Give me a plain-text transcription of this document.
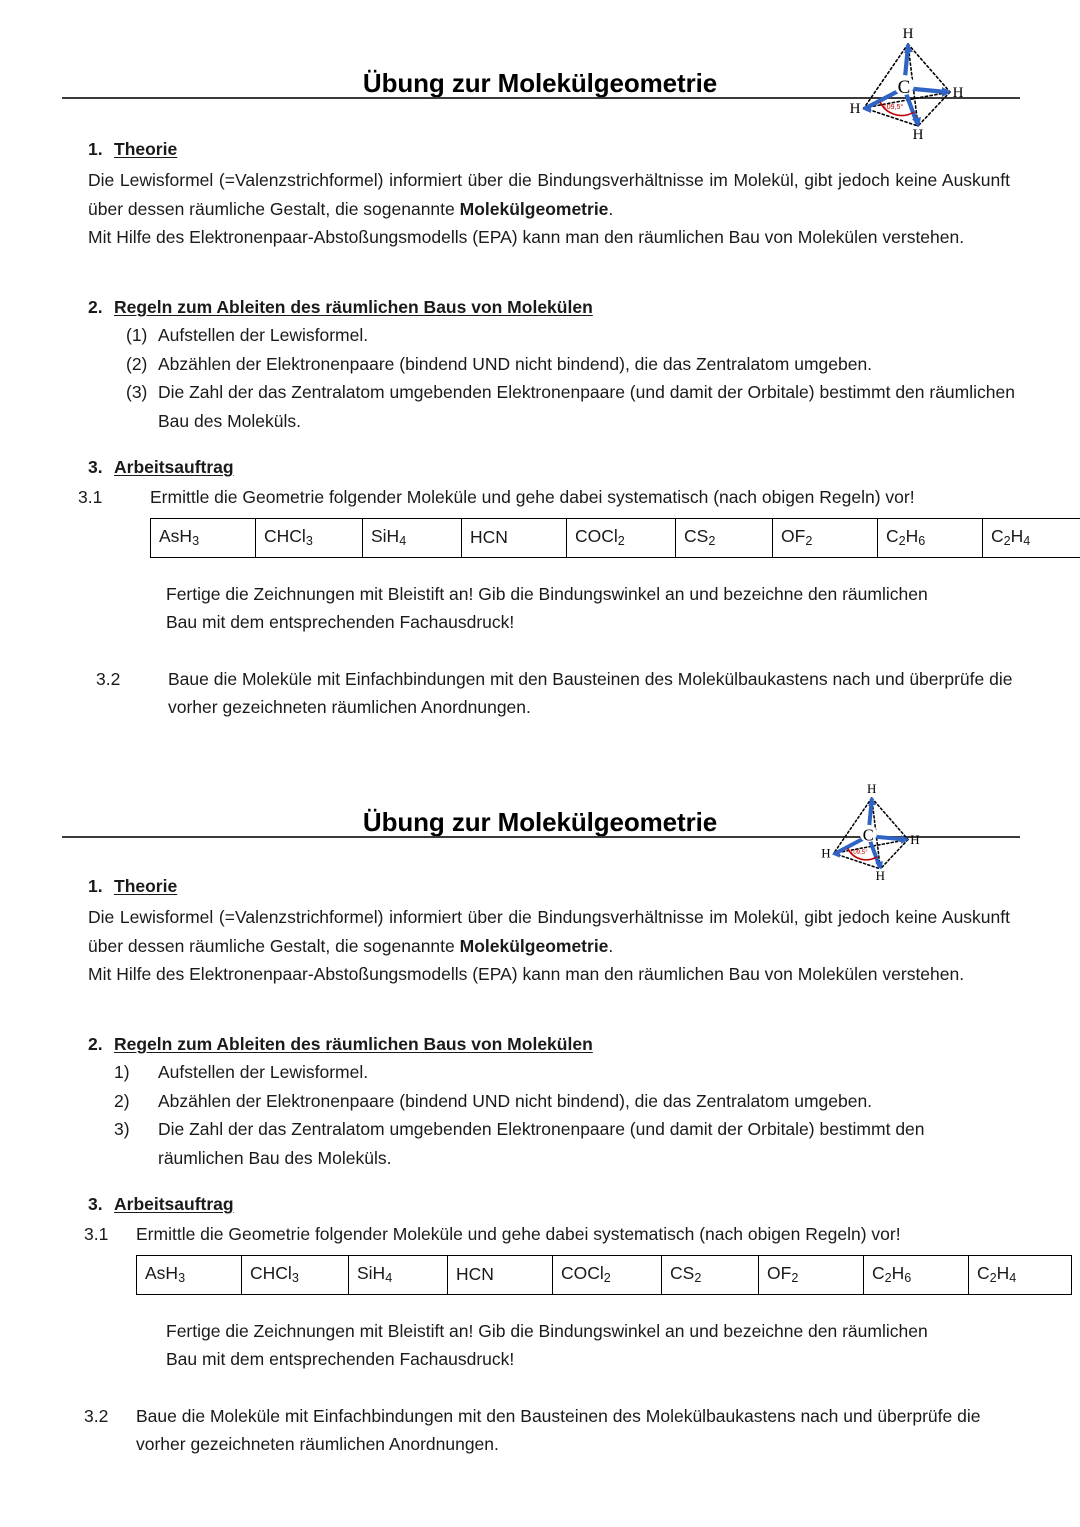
Übung zur Molekülgeometrie	C
109,5°
H
H
H
H
1. Theorie
Die Lewisformel (=Valenzstrichformel) informiert über die Bindungsverhältnisse im Molekül, gibt jedoch keine Auskunft über dessen räumliche Gestalt, die sogenannte Molekülgeometrie.
Mit Hilfe des Elektronenpaar-Abstoßungsmodells (EPA) kann man den räumlichen Bau von Molekülen verstehen.
2. Regeln zum Ableiten des räumlichen Baus von Molekülen
(1) Aufstellen der Lewisformel.
(2) Abzählen der Elektronenpaare (bindend UND nicht bindend), die das Zentralatom umgeben.
(3) Die Zahl der das Zentralatom umgebenden Elektronenpaare (und damit der Orbitale) bestimmt den räumlichen Bau des Moleküls.
3. Arbeitsauftrag
3.1	Ermittle die Geometrie folgender Moleküle und gehe dabei systematisch (nach obigen Regeln) vor!
AsH$_3$	CHCl$_3$	SiH$_4$	HCN	COCl$_2$	$CS_2$	$OF_2$	$C_2H_6$	$C_2H_4$
Fertige die Zeichnungen mit Bleistift an! Gib die Bindungswinkel an und bezeichne den räumlichen Bau mit dem entsprechenden Fachausdruck!
3.2	Baue die Moleküle mit Einfachbindungen mit den Bausteinen des Molekülbaukastens nach und überprüfe die vorher gezeichneten räumlichen Anordnungen.
Übung zur Molekülgeometrie	C
109,5°
H
H
H
H
1. Theorie
Die Lewisformel (=Valenzstrichformel) informiert über die Bindungsverhältnisse im Molekül, gibt jedoch keine Auskunft über dessen räumliche Gestalt, die sogenannte Molekülgeometrie.
Mit Hilfe des Elektronenpaar-Abstoßungsmodells (EPA) kann man den räumlichen Bau von Molekülen verstehen.
2. Regeln zum Ableiten des räumlichen Baus von Molekülen
1)	Aufstellen der Lewisformel.
2)	Abzählen der Elektronenpaare (bindend UND nicht bindend), die das Zentralatom umgeben.
3)	Die Zahl der das Zentralatom umgebenden Elektronenpaare (und damit der Orbitale) bestimmt den räumlichen Bau des Moleküls.
3. Arbeitsauftrag
3.1	Ermittle die Geometrie folgender Moleküle und gehe dabei systematisch (nach obigen Regeln) vor!
AsH$_3$	CHCl$_3$	SiH$_4$	HCN	COCl$_2$	$CS_2$	$OF_2$	$C_2H_6$	$C_2H_4$
Fertige die Zeichnungen mit Bleistift an! Gib die Bindungswinkel an und bezeichne den räumlichen Bau mit dem entsprechenden Fachausdruck!
3.2	Baue die Moleküle mit Einfachbindungen mit den Bausteinen des Molekülbaukastens nach und überprüfe die vorher gezeichneten räumlichen Anordnungen.
